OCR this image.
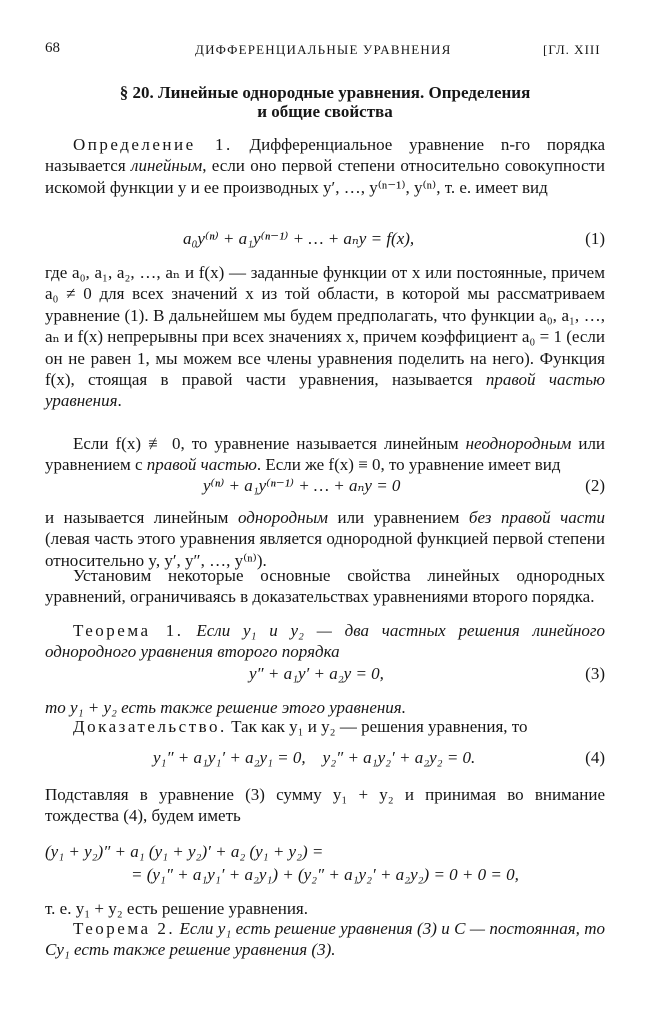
68	ДИФФЕРЕНЦИАЛЬНЫЕ УРАВНЕНИЯ	[ГЛ. XIII
§ 20. Линейные однородные уравнения. Определения
и общие свойства
Определение 1. Дифференциальное уравнение n-го порядка называется линейным, если оно первой степени относительно совокупности искомой функции y и ее производных y′, …, y⁽ⁿ⁻¹⁾, y⁽ⁿ⁾, т. е. имеет вид
a₀y⁽ⁿ⁾ + a₁y⁽ⁿ⁻¹⁾ + … + aₙy = f(x),	(1)
где a₀, a₁, a₂, …, aₙ и f(x) — заданные функции от x или постоянные, причем a₀ ≠ 0 для всех значений x из той области, в которой мы рассматриваем уравнение (1). В дальнейшем мы будем предполагать, что функции a₀, a₁, …, aₙ и f(x) непрерывны при всех значениях x, причем коэффициент a₀ = 1 (если он не равен 1, мы можем все члены уравнения поделить на него). Функция f(x), стоящая в правой части уравнения, называется правой частью уравнения.
Если f(x) ≢ 0, то уравнение называется линейным неоднородным или уравнением с правой частью. Если же f(x) ≡ 0, то уравнение имеет вид
y⁽ⁿ⁾ + a₁y⁽ⁿ⁻¹⁾ + … + aₙy = 0	(2)
и называется линейным однородным или уравнением без правой части (левая часть этого уравнения является однородной функцией первой степени относительно y, y′, y″, …, y⁽ⁿ⁾).
Установим некоторые основные свойства линейных однородных уравнений, ограничиваясь в доказательствах уравнениями второго порядка.
Теорема 1. Если y₁ и y₂ — два частных решения линейного однородного уравнения второго порядка
y″ + a₁y′ + a₂y = 0,	(3)
то y₁ + y₂ есть также решение этого уравнения.
Доказательство. Так как y₁ и y₂ — решения уравнения, то
y₁″ + a₁y₁′ + a₂y₁ = 0,    y₂″ + a₁y₂′ + a₂y₂ = 0.	(4)
Подставляя в уравнение (3) сумму y₁ + y₂ и принимая во внимание тождества (4), будем иметь
(y₁ + y₂)″ + a₁ (y₁ + y₂)′ + a₂ (y₁ + y₂) =
= (y₁″ + a₁y₁′ + a₂y₁) + (y₂″ + a₁y₂′ + a₂y₂) = 0 + 0 = 0,
т. е. y₁ + y₂ есть решение уравнения.
Теорема 2. Если y₁ есть решение уравнения (3) и C — постоянная, то Cy₁ есть также решение уравнения (3).
